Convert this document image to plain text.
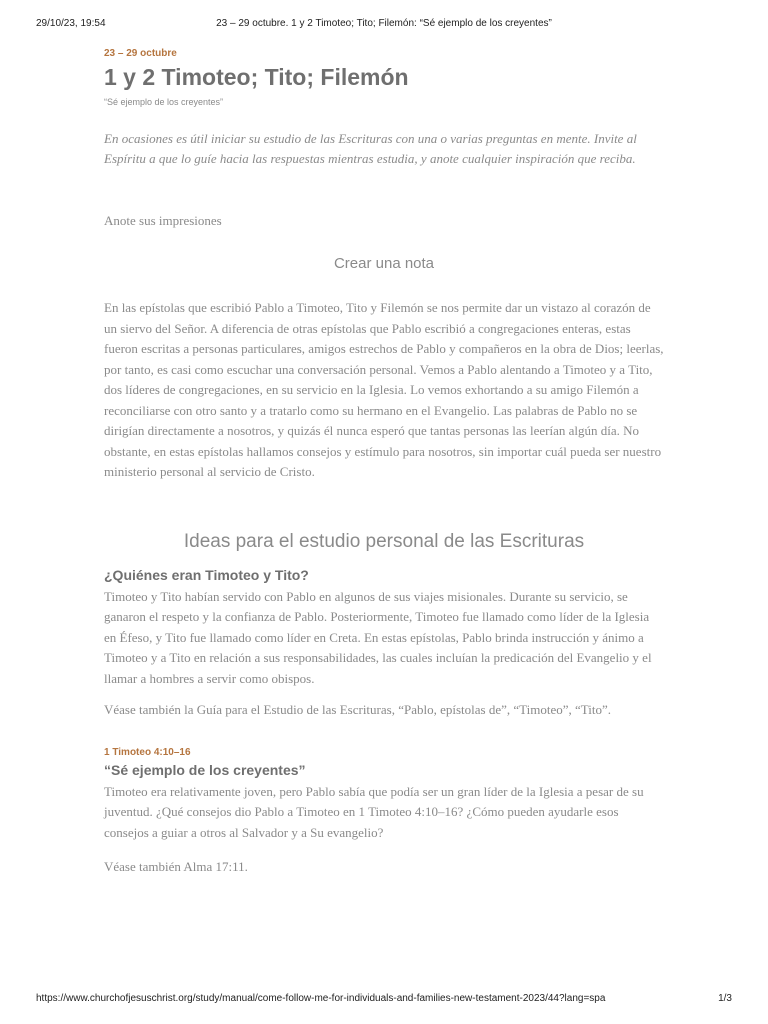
29/10/23, 19:54	23 – 29 octubre. 1 y 2 Timoteo; Tito; Filemón: “Sé ejemplo de los creyentes”

23 – 29 octubre

1 y 2 Timoteo; Tito; Filemón

“Sé ejemplo de los creyentes”

En ocasiones es útil iniciar su estudio de las Escrituras con una o varias preguntas en mente. Invite al Espíritu a que lo guíe hacia las respuestas mientras estudia, y anote cualquier inspiración que reciba.

Anote sus impresiones

Crear una nota

En las epístolas que escribió Pablo a Timoteo, Tito y Filemón se nos permite dar un vistazo al corazón de un siervo del Señor. A diferencia de otras epístolas que Pablo escribió a congregaciones enteras, estas fueron escritas a personas particulares, amigos estrechos de Pablo y compañeros en la obra de Dios; leerlas, por tanto, es casi como escuchar una conversación personal. Vemos a Pablo alentando a Timoteo y a Tito, dos líderes de congregaciones, en su servicio en la Iglesia. Lo vemos exhortando a su amigo Filemón a reconciliarse con otro santo y a tratarlo como su hermano en el Evangelio. Las palabras de Pablo no se dirigían directamente a nosotros, y quizás él nunca esperó que tantas personas las leerían algún día. No obstante, en estas epístolas hallamos consejos y estímulo para nosotros, sin importar cuál pueda ser nuestro ministerio personal al servicio de Cristo.

Ideas para el estudio personal de las Escrituras
¿Quiénes eran Timoteo y Tito?

Timoteo y Tito habían servido con Pablo en algunos de sus viajes misionales. Durante su servicio, se ganaron el respeto y la confianza de Pablo. Posteriormente, Timoteo fue llamado como líder de la Iglesia en Éfeso, y Tito fue llamado como líder en Creta. En estas epístolas, Pablo brinda instrucción y ánimo a Timoteo y a Tito en relación a sus responsabilidades, las cuales incluían la predicación del Evangelio y el llamar a hombres a servir como obispos.

Véase también la Guía para el Estudio de las Escrituras, “Pablo, epístolas de”, “Timoteo”, “Tito”.

1 Timoteo 4:10–16

“Sé ejemplo de los creyentes”

Timoteo era relativamente joven, pero Pablo sabía que podía ser un gran líder de la Iglesia a pesar de su juventud. ¿Qué consejos dio Pablo a Timoteo en 1 Timoteo 4:10–16? ¿Cómo pueden ayudarle esos consejos a guiar a otros al Salvador y a Su evangelio?

Véase también Alma 17:11.

https://www.churchofjesuschrist.org/study/manual/come-follow-me-for-individuals-and-families-new-testament-2023/44?lang=spa	1/3
